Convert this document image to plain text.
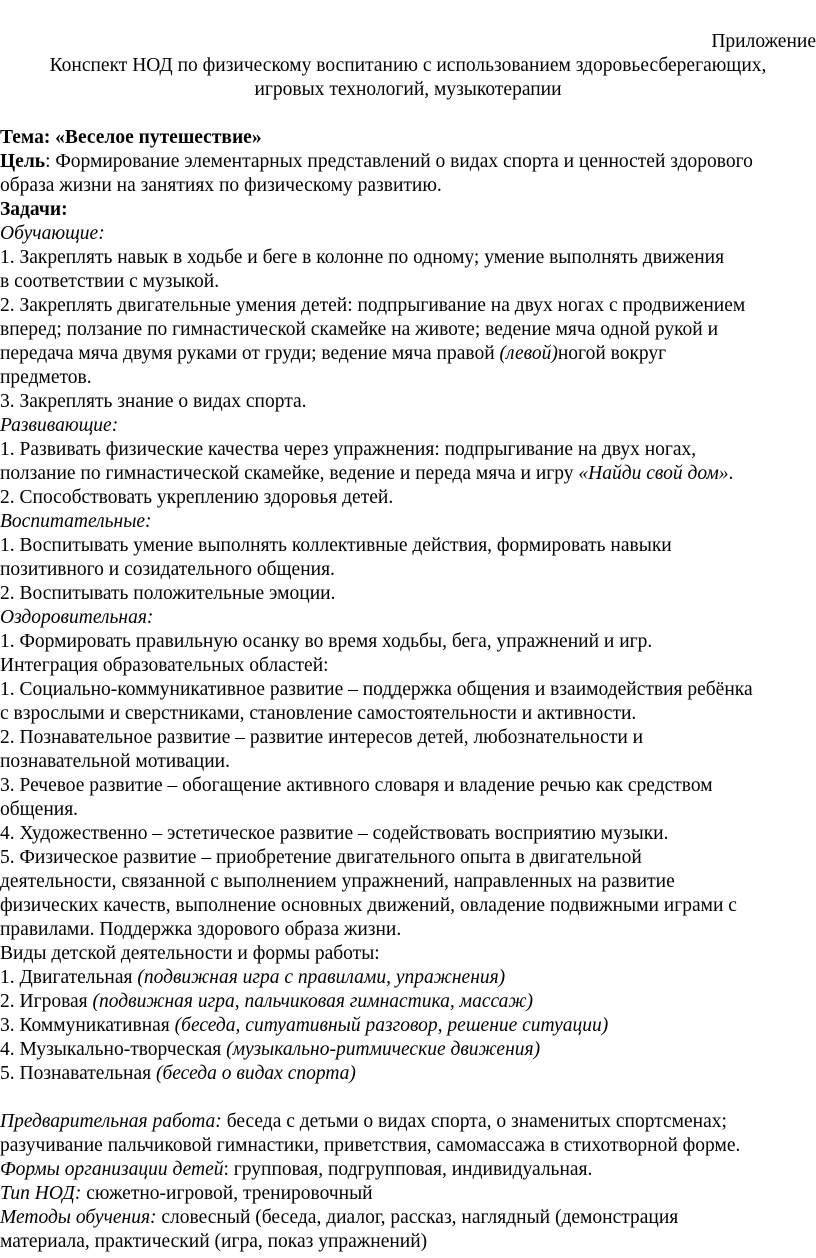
Приложение
Конспект НОД по физическому воспитанию с использованием здоровьесберегающих,
игровых технологий, музыкотерапии
Тема: «Веселое путешествие»
Цель: Формирование элементарных представлений о видах спорта и ценностей здорового
образа жизни на занятиях по физическому развитию.
Задачи:
Обучающие:
1. Закреплять навык в ходьбе и беге в колонне по одному; умение выполнять движения
в соответствии с музыкой.
2. Закреплять двигательные умения детей: подпрыгивание на двух ногах с продвижением
вперед; ползание по гимнастической скамейке на животе; ведение мяча одной рукой и
передача мяча двумя руками от груди; ведение мяча правой (левой)ногой вокруг
предметов.
3. Закреплять знание о видах спорта.
Развивающие:
1. Развивать физические качества через упражнения: подпрыгивание на двух ногах,
ползание по гимнастической скамейке, ведение и переда мяча и игру «Найди свой дом».
2. Способствовать укреплению здоровья детей.
Воспитательные:
1. Воспитывать умение выполнять коллективные действия, формировать навыки
позитивного и созидательного общения.
2. Воспитывать положительные эмоции.
Оздоровительная:
1. Формировать правильную осанку во время ходьбы, бега, упражнений и игр.
Интеграция образовательных областей:
1. Социально-коммуникативное развитие – поддержка общения и взаимодействия ребёнка
с взрослыми и сверстниками, становление самостоятельности и активности.
2. Познавательное развитие – развитие интересов детей, любознательности и
познавательной мотивации.
3. Речевое развитие – обогащение активного словаря и владение речью как средством
общения.
4. Художественно – эстетическое развитие – содействовать восприятию музыки.
5. Физическое развитие – приобретение двигательного опыта в двигательной
деятельности, связанной с выполнением упражнений, направленных на развитие
физических качеств, выполнение основных движений, овладение подвижными играми с
правилами. Поддержка здорового образа жизни.
Виды детской деятельности и формы работы:
1. Двигательная (подвижная игра с правилами, упражнения)
2. Игровая (подвижная игра, пальчиковая гимнастика, массаж)
3. Коммуникативная (беседа, ситуативный разговор, решение ситуации)
4. Музыкально-творческая (музыкально-ритмические движения)
5. Познавательная (беседа о видах спорта)
Предварительная работа: беседа с детьми о видах спорта, о знаменитых спортсменах;
разучивание пальчиковой гимнастики, приветствия, самомассажа в стихотворной форме.
Формы организации детей: групповая, подгрупповая, индивидуальная.
Тип НОД: сюжетно-игровой, тренировочный
Методы обучения: словесный (беседа, диалог, рассказ, наглядный (демонстрация
материала, практический (игра, показ упражнений)
